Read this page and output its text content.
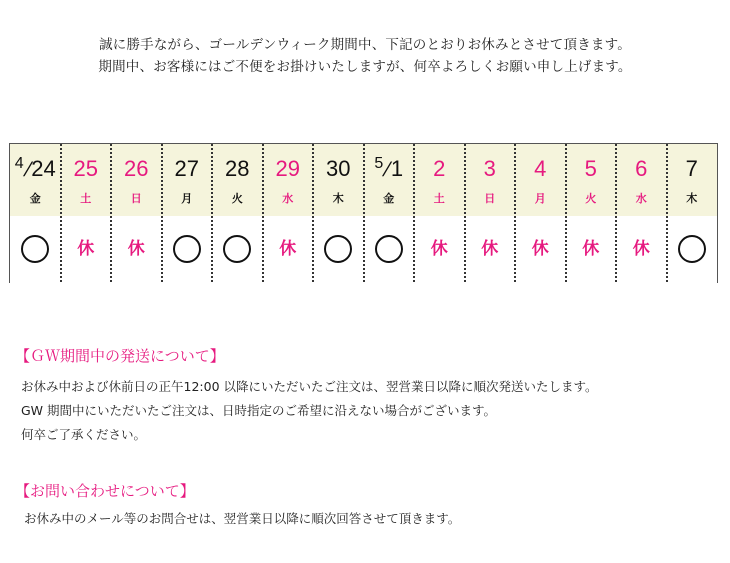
誠に勝手ながら、ゴールデンウィーク期間中、下記のとおりお休みとさせて頂きます。
期間中、お客様にはご不便をお掛けいたしますが、何卒よろしくお願い申し上げます。
$^4$/24
金
25
土
休
26
日
休
27
月
28
火
29
水
休
30
木
$^5$/1
金
2
土
休
3
日
休
4
月
休
5
火
休
6
水
休
7
木
【ＧＷ期間中の発送について】
お休み中および休前日の正午12:00 以降にいただいたご注文は、翌営業日以降に順次発送いたします。
GW 期間中にいただいたご注文は、日時指定のご希望に沿えない場合がございます。
何卒ご了承ください。
【お問い合わせについて】
お休み中のメール等のお問合せは、翌営業日以降に順次回答させて頂きます。
